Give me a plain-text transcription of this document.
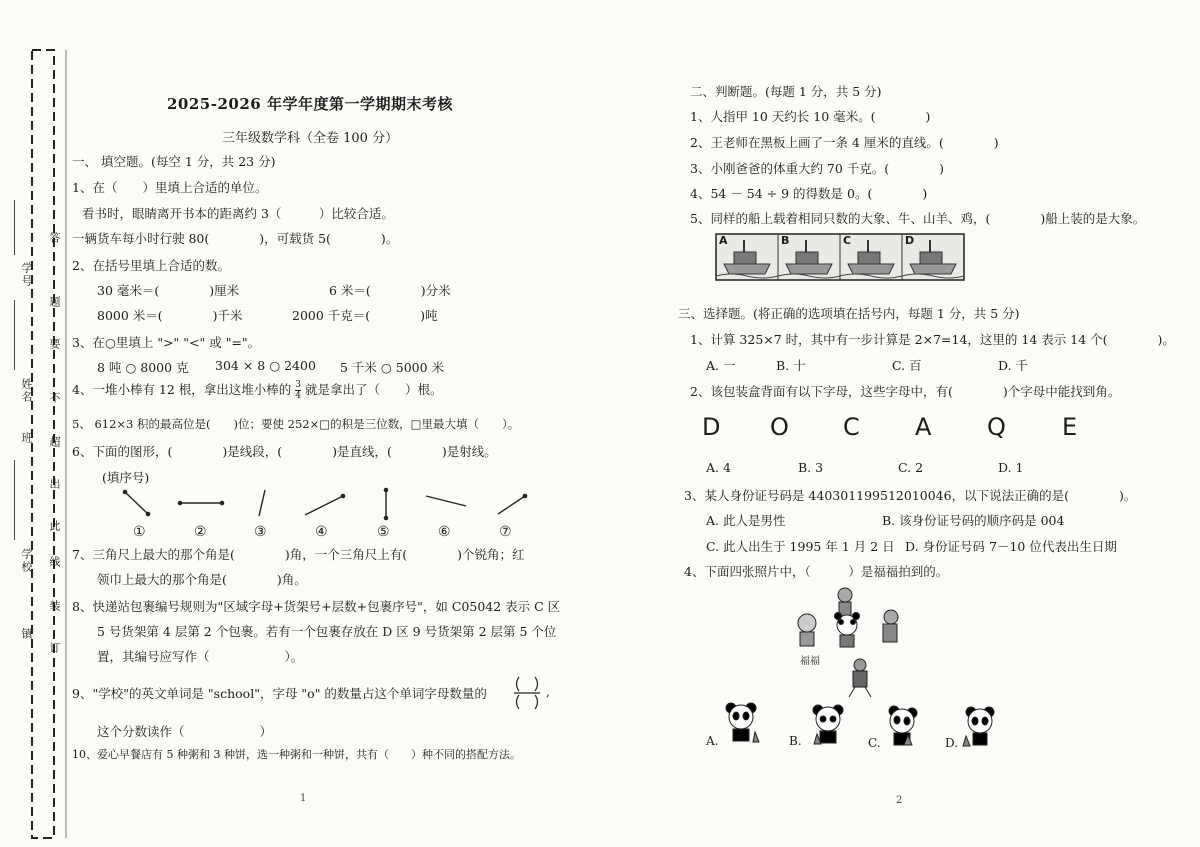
学号
姓名
班
学校
镇
答
题
不
要
超
出
此
线
装
订
2025-2026 年学年度第一学期期末考核
三年级数学科（全卷 100 分）
一、 填空题。(每空 1 分，共 23 分)
1、在（　　）里填上合适的单位。
看书时，眼睛离开书本的距离约 3（　　　）比较合适。
一辆货车每小时行驶 80(　　　　)，可载货 5(　　　　)。
2、在括号里填上合适的数。
30 毫米＝(　　　　)厘米	6 米＝(　　　　)分米
8000 米＝(　　　　)千米	2000 千克＝(　　　　)吨
3、在○里填上 ">" "<" 或 "="。
8 吨 ○ 8000 克 304 × 8 ○ 2400 5 千米 ○ 5000 米
4、一堆小棒有 12 根，拿出这堆小棒的 $\frac{3}{4}$ 就是拿出了（　　）根。
5、 612×3 积的最高位是(　　)位；要使 252×□的积是三位数，□里最大填（　　）。
6、下面的图形，(　　　　)是线段，(　　　　)是直线，(　　　　)是射线。
(填序号)
①	②	③	④	⑤	⑥	⑦
7、三角尺上最大的那个角是(　　　　)角，一个三角尺上有(　　　　)个锐角；红
领巾上最大的那个角是(　　　　)角。
8、快递站包裹编号规则为"区域字母+货架号+层数+包裹序号"，如 C05042 表示 C 区
5 号货架第 4 层第 2 个包裹。若有一个包裹存放在 D 区 9 号货架第 2 层第 5 个位
置，其编号应写作（　　　　　　）。
9、"学校"的英文单词是 "school"，字母 "o" 的数量占这个单词字母数量的	,
这个分数读作（　　　　　　）
10、爱心早餐店有 5 种粥和 3 种饼，选一种粥和一种饼，共有（　　）种不同的搭配方法。
1
二、判断题。(每题 1 分，共 5 分)
1、人指甲 10 天约长 10 毫米。(　　　　)
2、王老师在黑板上画了一条 4 厘米的直线。(　　　　)
3、小刚爸爸的体重大约 70 千克。(　　　　)
4、54 － 54 ÷ 9 的得数是 0。(　　　　)
5、同样的船上载着相同只数的大象、牛、山羊、鸡，(　　　　)船上装的是大象。
A	B	C	D
三、选择题。(将正确的选项填在括号内，每题 1 分，共 5 分)
1、计算 325×7 时，其中有一步计算是 2×7=14，这里的 14 表示 14 个(　　　　)。
A. 一	B. 十	C. 百	D. 千
2、该包装盒背面有以下字母，这些字母中，有(　　　　)个字母中能找到角。
D O C A Q E
A. 4	B. 3	C. 2	D. 1
3、某人身份证号码是 440301199512010046，以下说法正确的是(　　　　)。
A. 此人是男性	B. 该身份证号码的顺序码是 004
C. 此人出生于 1995 年 1 月 2 日 D. 身份证号码 7－10 位代表出生日期
4、下面四张照片中，（　　　）是福福拍到的。
福福
A.	B.	C.	D.
2
